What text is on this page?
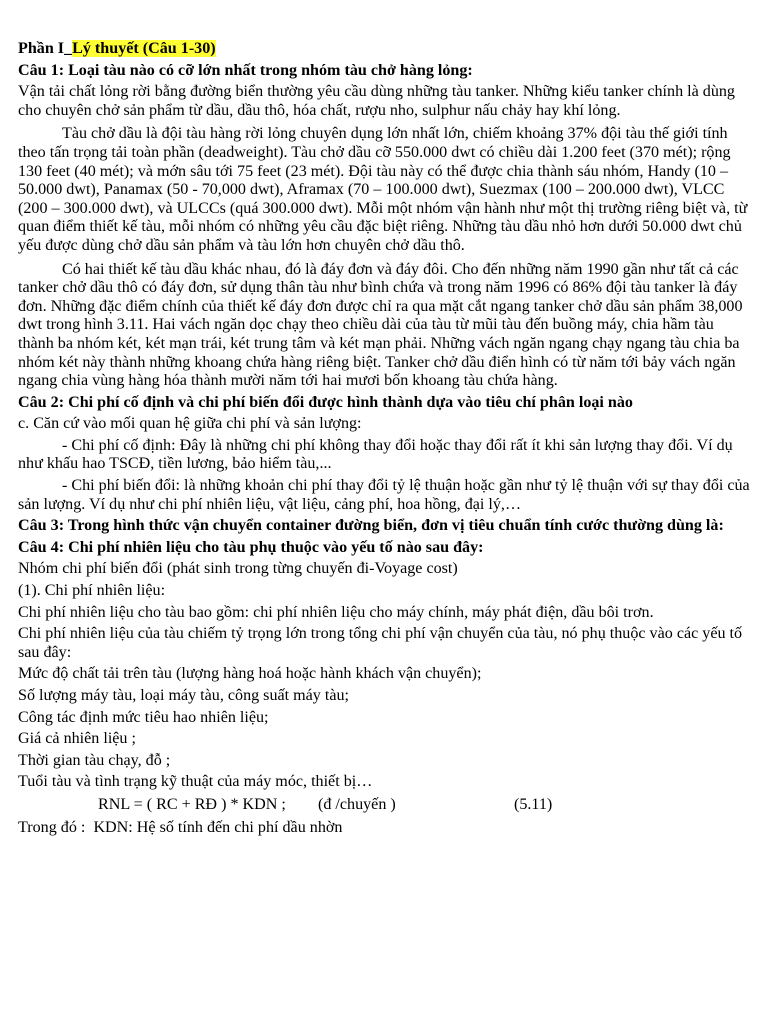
Phần I_Lý thuyết (Câu 1-30)

Câu 1: Loại tàu nào có cỡ lớn nhất trong nhóm tàu chở hàng lỏng:

Vận tải chất lỏng rời bằng đường biển thường yêu cầu dùng những tàu tanker. Những kiểu tanker chính là dùng cho chuyên chở sản phẩm từ dầu, dầu thô, hóa chất, rượu nho, sulphur nấu chảy hay khí lỏng.

Tàu chở dầu là đội tàu hàng rời lỏng chuyên dụng lớn nhất lớn, chiếm khoảng 37% đội tàu thế giới tính theo tấn trọng tải toàn phần (deadweight). Tàu chở dầu cỡ 550.000 dwt có chiều dài 1.200 feet (370 mét); rộng 130 feet (40 mét); và mớn sâu tới 75 feet (23 mét). Đội tàu này có thể được chia thành sáu nhóm, Handy (10 – 50.000 dwt), Panamax (50 - 70,000 dwt), Aframax (70 – 100.000 dwt), Suezmax (100 – 200.000 dwt), VLCC (200 – 300.000 dwt), và ULCCs (quá 300.000 dwt). Mỗi một nhóm vận hành như một thị trường riêng biệt và, từ quan điểm thiết kế tàu, mỗi nhóm có những yêu cầu đặc biệt riêng. Những tàu dầu nhỏ hơn dưới 50.000 dwt chủ yếu được dùng chở dầu sản phẩm và tàu lớn hơn chuyên chở dầu thô.

Có hai thiết kế tàu dầu khác nhau, đó là đáy đơn và đáy đôi. Cho đến những năm 1990 gần như tất cả các tanker chở dầu thô có đáy đơn, sử dụng thân tàu như bình chứa và trong năm 1996 có 86% đội tàu tanker là đáy đơn. Những đặc điểm chính của thiết kế đáy đơn được chỉ ra qua mặt cắt ngang tanker chở dầu sản phẩm 38,000 dwt trong hình 3.11. Hai vách ngăn dọc chạy theo chiều dài của tàu từ mũi tàu đến buồng máy, chia hầm tàu thành ba nhóm két, két mạn trái, két trung tâm và két mạn phải. Những vách ngăn ngang chạy ngang tàu chia ba nhóm két này thành những khoang chứa hàng riêng biệt. Tanker chở dầu điển hình có từ năm tới bảy vách ngăn ngang chia vùng hàng hóa thành mười năm tới hai mươi bốn khoang tàu chứa hàng.

Câu 2: Chi phí cố định và chi phí biến đổi được hình thành dựa vào tiêu chí phân loại nào

c. Căn cứ vào mối quan hệ giữa chi phí và sản lượng:

- Chi phí cố định: Đây là những chi phí không thay đổi hoặc thay đổi rất ít khi sản lượng thay đổi. Ví dụ như khấu hao TSCĐ, tiền lương, bảo hiểm tàu,...

- Chi phí biến đổi: là những khoản chi phí thay đổi tỷ lệ thuận hoặc gần như tỷ lệ thuận với sự thay đổi của sản lượng. Ví dụ như chi phí nhiên liệu, vật liệu, cảng phí, hoa hồng, đại lý,…

Câu 3: Trong hình thức vận chuyển container đường biển, đơn vị tiêu chuẩn tính cước thường dùng là:

Câu 4: Chi phí nhiên liệu cho tàu phụ thuộc vào yếu tố nào sau đây:

Nhóm chi phí biến đổi (phát sinh trong từng chuyến đi-Voyage cost)

(1). Chi phí nhiên liệu:

Chi phí nhiên liệu cho tàu bao gồm: chi phí nhiên liệu cho máy chính, máy phát điện, dầu bôi trơn.

Chi phí nhiên liệu của tàu chiếm tỷ trọng lớn trong tổng chi phí vận chuyển của tàu, nó phụ thuộc vào các yếu tố sau đây:

Mức độ chất tải trên tàu (lượng hàng hoá hoặc hành khách vận chuyển);

Số lượng máy tàu, loại máy tàu, công suất máy tàu;

Công tác định mức tiêu hao nhiên liệu;

Giá cả nhiên liệu ;

Thời gian tàu chạy, đỗ ;

Tuổi tàu và tình trạng kỹ thuật của máy móc, thiết bị…

RNL = ( RC + RĐ ) * KDN ; (đ /chuyến )	(5.11)

Trong đó : KDN: Hệ số tính đến chi phí dầu nhờn
